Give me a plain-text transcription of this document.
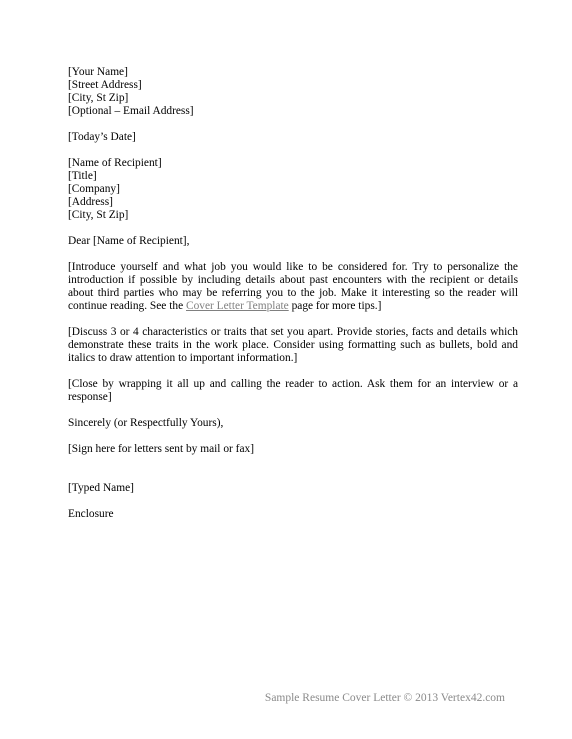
[Your Name]
[Street Address]
[City, St Zip]
[Optional – Email Address]
[Today’s Date]
[Name of Recipient]
[Title]
[Company]
[Address]
[City, St Zip]
Dear [Name of Recipient],

[Introduce yourself and what job you would like to be considered for. Try to personalize the introduction if possible by including details about past encounters with the recipient or details about third parties who may be referring you to the job. Make it interesting so the reader will continue reading. See the Cover Letter Template page for more tips.]

[Discuss 3 or 4 characteristics or traits that set you apart. Provide stories, facts and details which demonstrate these traits in the work place. Consider using formatting such as bullets, bold and italics to draw attention to important information.]

[Close by wrapping it all up and calling the reader to action. Ask them for an interview or a response]

Sincerely (or Respectfully Yours),
[Sign here for letters sent by mail or fax]
[Typed Name]
Enclosure
Sample Resume Cover Letter © 2013 Vertex42.com
